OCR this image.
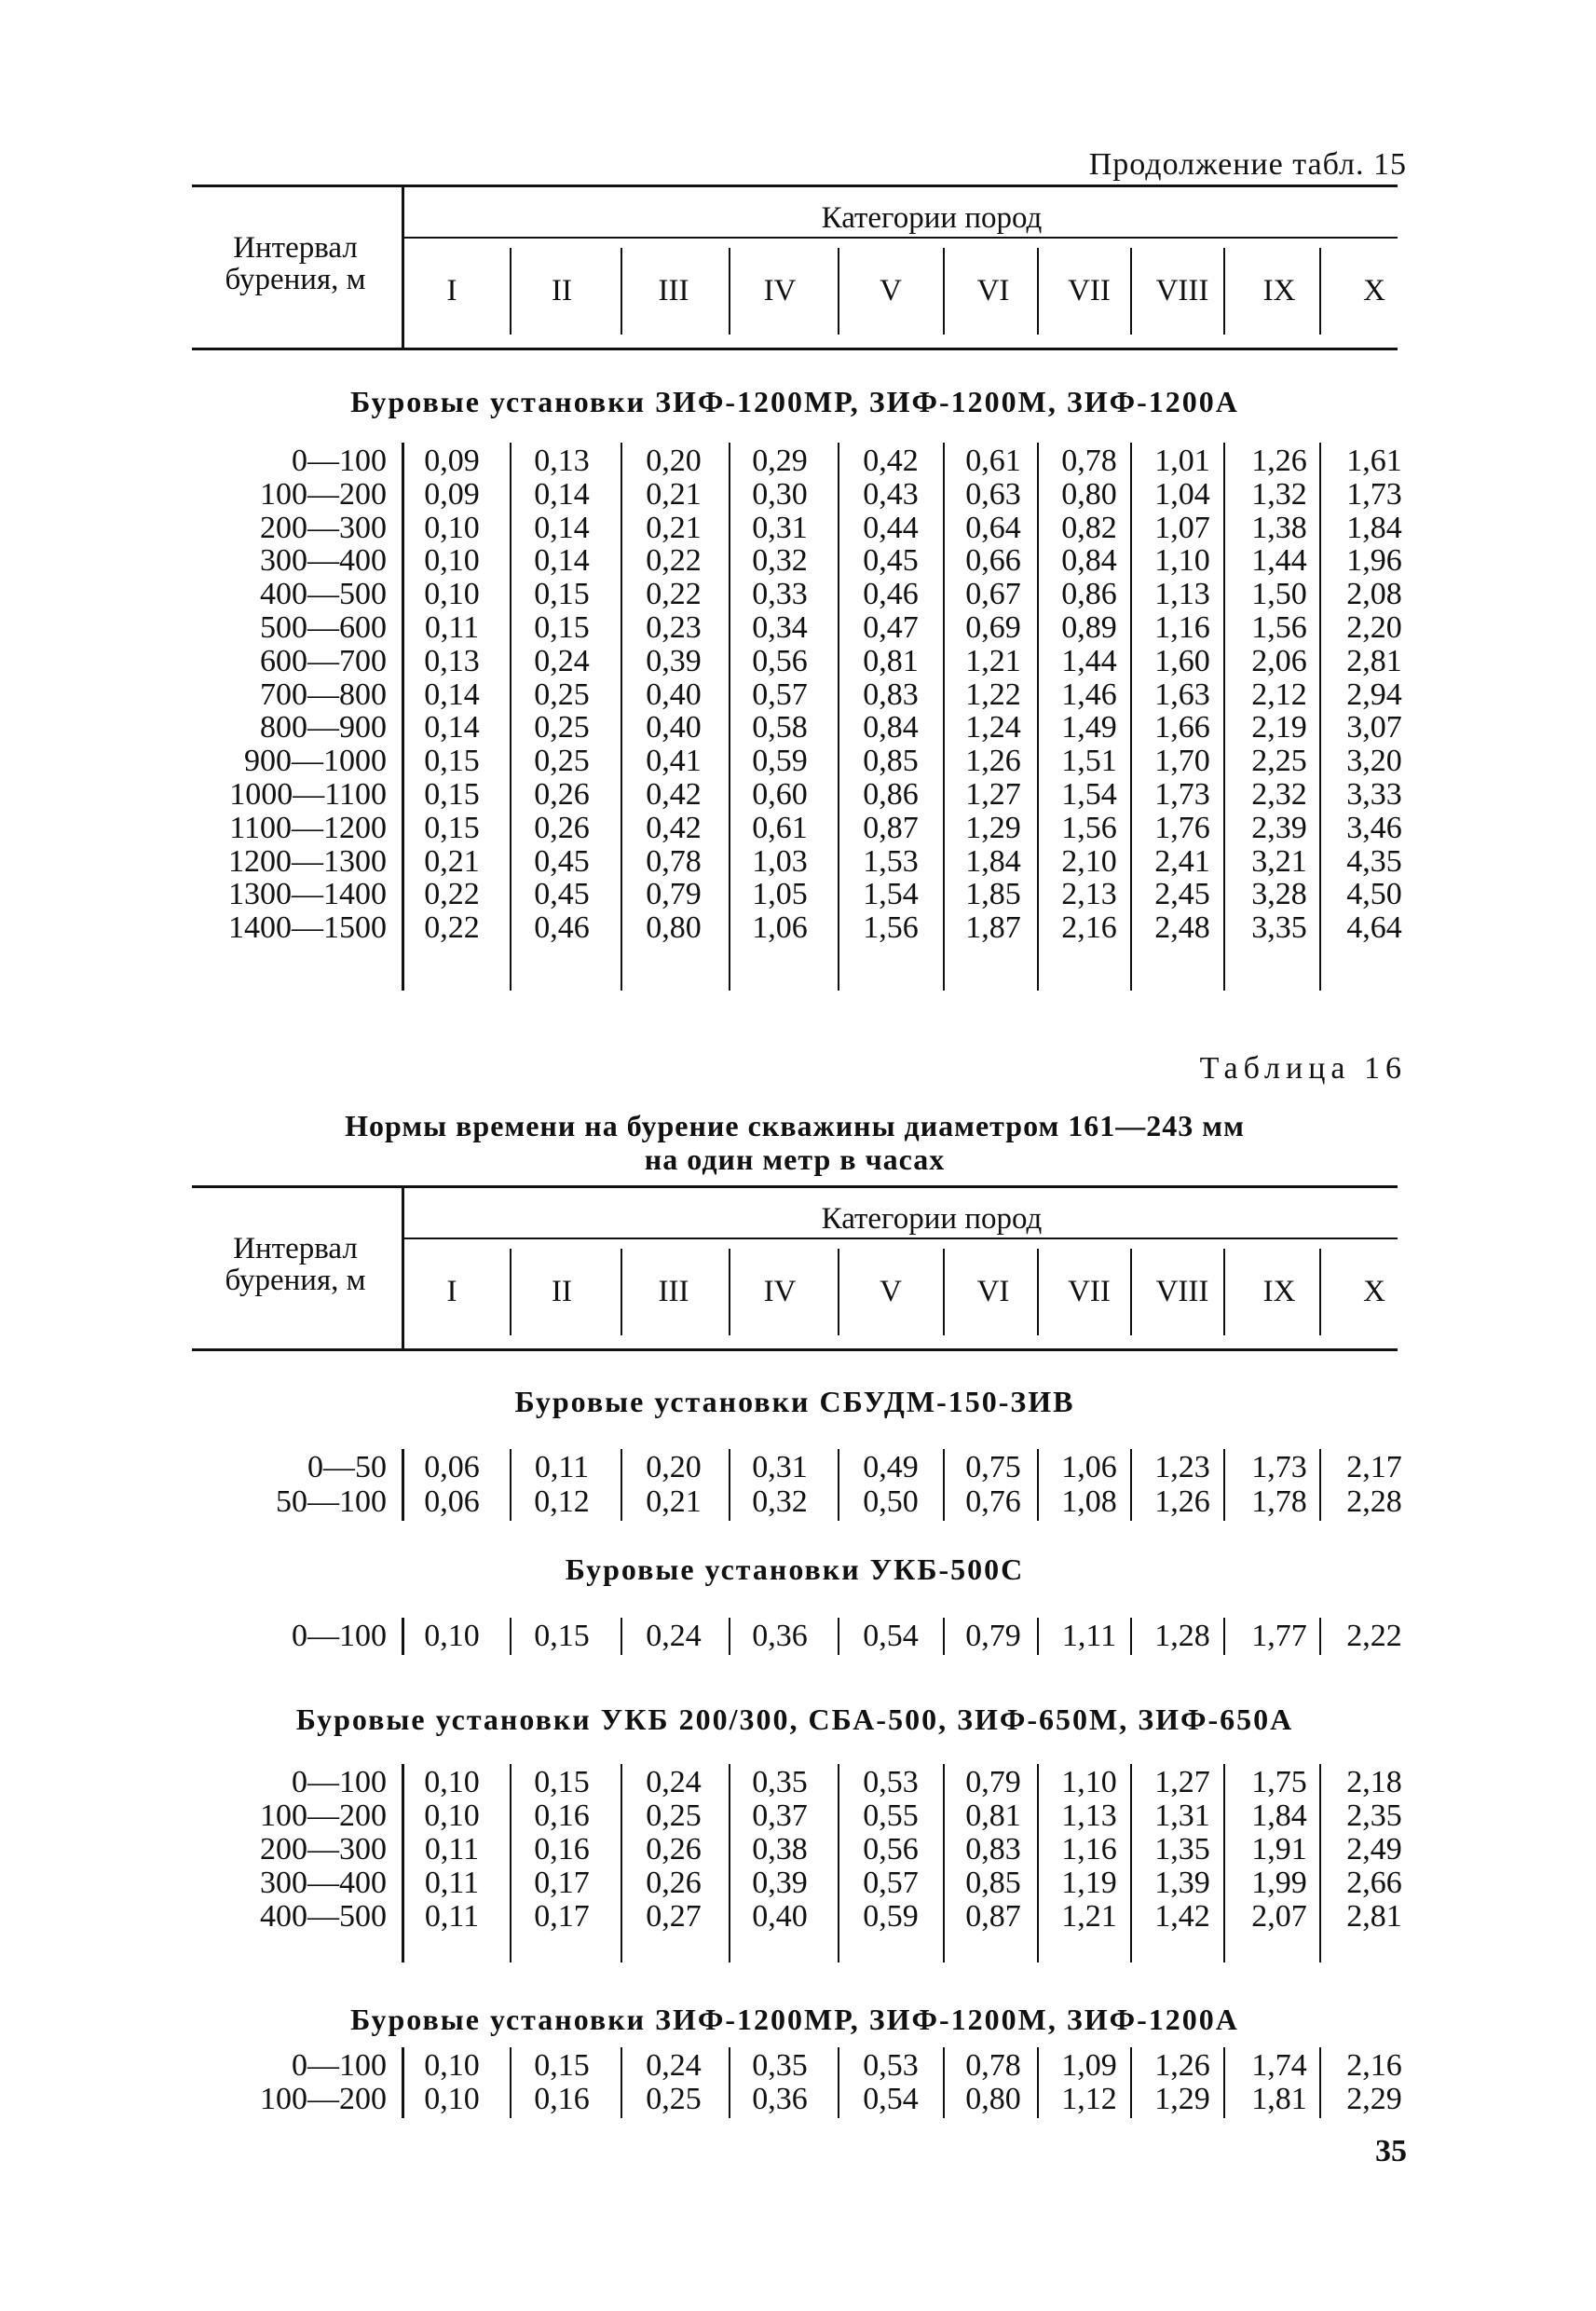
Продолжение табл. 15
Интервал
бурения, м
Категории пород
I	II	III	IV	V	VI	VII	VIII	IX	X
Буровые установки ЗИФ-1200МР, ЗИФ-1200М, ЗИФ-1200А
0—100 0,09 0,13 0,20 0,29 0,42 0,61 0,78 1,01 1,26 1,61
100—200 0,09 0,14 0,21 0,30 0,43 0,63 0,80 1,04 1,32 1,73
200—300 0,10 0,14 0,21 0,31 0,44 0,64 0,82 1,07 1,38 1,84
300—400 0,10 0,14 0,22 0,32 0,45 0,66 0,84 1,10 1,44 1,96
400—500 0,10 0,15 0,22 0,33 0,46 0,67 0,86 1,13 1,50 2,08
500—600 0,11 0,15 0,23 0,34 0,47 0,69 0,89 1,16 1,56 2,20
600—700 0,13 0,24 0,39 0,56 0,81 1,21 1,44 1,60 2,06 2,81
700—800 0,14 0,25 0,40 0,57 0,83 1,22 1,46 1,63 2,12 2,94
800—900 0,14 0,25 0,40 0,58 0,84 1,24 1,49 1,66 2,19 3,07
900—1000 0,15 0,25 0,41 0,59 0,85 1,26 1,51 1,70 2,25 3,20
1000—1100 0,15 0,26 0,42 0,60 0,86 1,27 1,54 1,73 2,32 3,33
1100—1200 0,15 0,26 0,42 0,61 0,87 1,29 1,56 1,76 2,39 3,46
1200—1300 0,21 0,45 0,78 1,03 1,53 1,84 2,10 2,41 3,21 4,35
1300—1400 0,22 0,45 0,79 1,05 1,54 1,85 2,13 2,45 3,28 4,50
1400—1500 0,22 0,46 0,80 1,06 1,56 1,87 2,16 2,48 3,35 4,64
Таблица 16
Нормы времени на бурение скважины диаметром 161—243 мм
на один метр в часах
Интервал
бурения, м
Категории пород
I	II	III	IV	V	VI	VII	VIII	IX	X
Буровые установки СБУДМ-150-ЗИВ
0—50 0,06 0,11 0,20 0,31 0,49 0,75 1,06 1,23 1,73 2,17
50—100 0,06 0,12 0,21 0,32 0,50 0,76 1,08 1,26 1,78 2,28
Буровые установки УКБ-500С
0—100 0,10 0,15 0,24 0,36 0,54 0,79 1,11 1,28 1,77 2,22
Буровые установки УКБ 200/300, СБА-500, ЗИФ-650М, ЗИФ-650А
0—100 0,10 0,15 0,24 0,35 0,53 0,79 1,10 1,27 1,75 2,18
100—200 0,10 0,16 0,25 0,37 0,55 0,81 1,13 1,31 1,84 2,35
200—300 0,11 0,16 0,26 0,38 0,56 0,83 1,16 1,35 1,91 2,49
300—400 0,11 0,17 0,26 0,39 0,57 0,85 1,19 1,39 1,99 2,66
400—500 0,11 0,17 0,27 0,40 0,59 0,87 1,21 1,42 2,07 2,81
Буровые установки ЗИФ-1200МР, ЗИФ-1200М, ЗИФ-1200А
0—100 0,10 0,15 0,24 0,35 0,53 0,78 1,09 1,26 1,74 2,16
100—200 0,10 0,16 0,25 0,36 0,54 0,80 1,12 1,29 1,81 2,29
35
